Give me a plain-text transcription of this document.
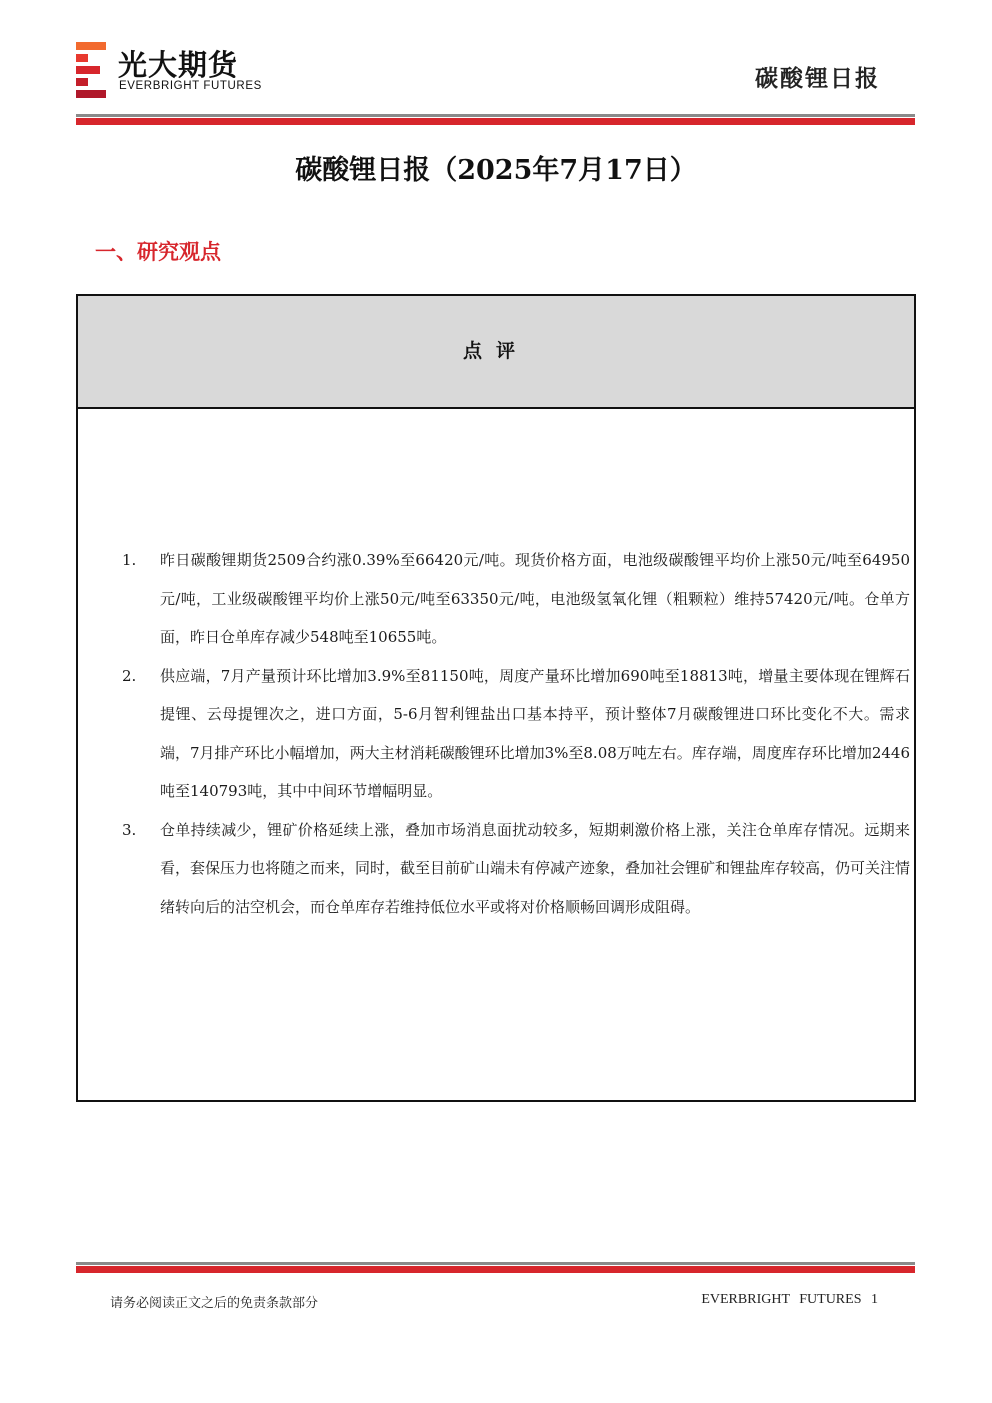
光大期货
EVERBRIGHT FUTURES	碳酸锂日报
碳酸锂日报（2025年7月17日）
一、研究观点
点评
1. 昨日碳酸锂期货2509合约涨0.39%至66420元/吨。现货价格方面，电池级碳酸锂平均价上涨50元/吨至64950元/吨，工业级碳酸锂平均价上涨50元/吨至63350元/吨，电池级氢氧化锂（粗颗粒）维持57420元/吨。仓单方面，昨日仓单库存减少548吨至10655吨。
2. 供应端，7月产量预计环比增加3.9%至81150吨，周度产量环比增加690吨至18813吨，增量主要体现在锂辉石提锂、云母提锂次之，进口方面，5-6月智利锂盐出口基本持平，预计整体7月碳酸锂进口环比变化不大。需求端，7月排产环比小幅增加，两大主材消耗碳酸锂环比增加3%至8.08万吨左右。库存端，周度库存环比增加2446吨至140793吨，其中中间环节增幅明显。
3. 仓单持续减少，锂矿价格延续上涨，叠加市场消息面扰动较多，短期刺激价格上涨，关注仓单库存情况。远期来看，套保压力也将随之而来，同时，截至目前矿山端未有停减产迹象，叠加社会锂矿和锂盐库存较高，仍可关注情绪转向后的沽空机会，而仓单库存若维持低位水平或将对价格顺畅回调形成阻碍。
请务必阅读正文之后的免责条款部分	EVERBRIGHT FUTURES 1
